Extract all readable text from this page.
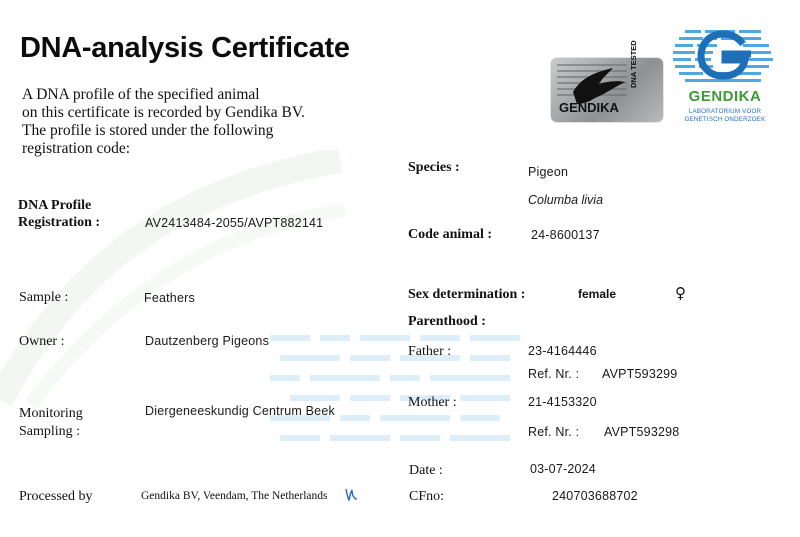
DNA-analysis Certificate
A DNA profile of the specified animal
on this certificate is recorded by Gendika BV.
The profile is stored under the following
registration code:
GENDIKA
DNA TESTED
GENDIKA
LABORATORIUM VOOR
GENETISCH ONDERZOEK
DNA Profile
Registration :	AV2413484-2055/AVPT882141
Sample :	Feathers
Owner :	Dautzenberg Pigeons
Monitoring
Sampling :
Diergeneeskundig Centrum Beek
Processed by	Gendika BV, Veendam, The Netherlands
Species :	Pigeon
Columba livia
Code animal :	24-8600137
Sex determination :	female	♀
Parenthood :
Father :	23-4164446
Ref. Nr. : AVPT593299
Mother :	21-4153320
Ref. Nr. : AVPT593298
Date :	03-07-2024
CFno:	240703688702
